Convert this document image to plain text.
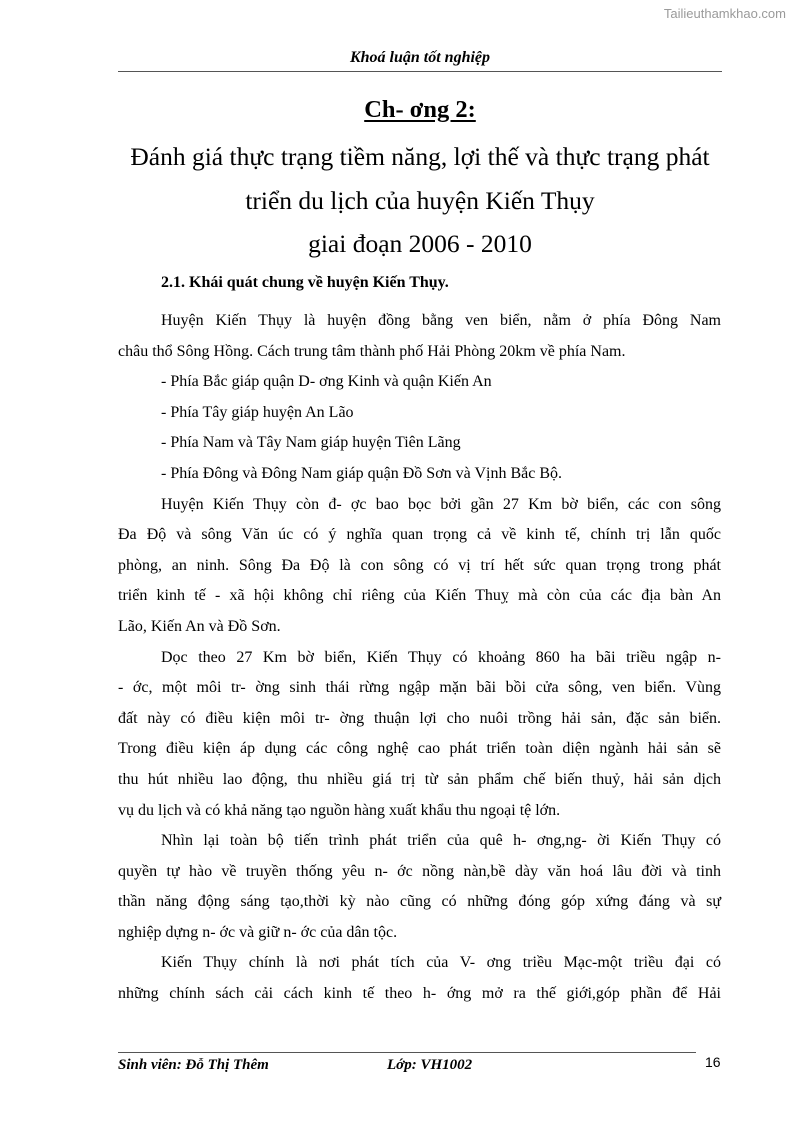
Tailieuthamkhao.com
Khoá luận tốt nghiệp
Ch- ơng 2:
Đánh giá thực trạng tiềm năng, lợi thế và thực trạng phát
triển du lịch của huyện Kiến Thụy
giai đoạn 2006 - 2010
2.1. Khái quát chung về huyện Kiến Thụy.
Huyện Kiến Thụy là huyện đồng bằng ven biển, nằm ở phía Đông Nam
châu thổ Sông Hồng. Cách trung tâm thành phố Hải Phòng 20km về phía Nam.
- Phía Bắc giáp quận D- ơng Kinh và quận Kiến An
- Phía Tây giáp huyện An Lão
- Phía Nam và Tây Nam giáp huyện Tiên Lãng
- Phía Đông và Đông Nam giáp quận Đồ Sơn và Vịnh Bắc Bộ.
Huyện Kiến Thụy còn đ- ợc bao bọc bởi gần 27 Km bờ biển, các con sông
Đa Độ và sông Văn úc có ý nghĩa quan trọng cả về kinh tế, chính trị lẫn quốc
phòng, an ninh. Sông Đa Độ là con sông có vị trí hết sức quan trọng trong phát
triển kinh tế - xã hội không chỉ riêng của Kiến Thuỵ mà còn của các địa bàn An
Lão, Kiến An và Đồ Sơn.
Dọc theo 27 Km bờ biển, Kiến Thụy có khoảng 860 ha bãi triều ngập n-
- ớc, một môi tr- ờng sinh thái rừng ngập mặn bãi bồi cửa sông, ven biển. Vùng
đất này có điều kiện môi tr- ờng thuận lợi cho nuôi trồng hải sản, đặc sản biển.
Trong điều kiện áp dụng các công nghệ cao phát triển toàn diện ngành hải sản sẽ
thu hút nhiều lao động, thu nhiều giá trị từ sản phẩm chế biến thuỷ, hải sản dịch
vụ du lịch và có khả năng tạo nguồn hàng xuất khẩu thu ngoại tệ lớn.
Nhìn lại toàn bộ tiến trình phát triển của quê h- ơng,ng- ời Kiến Thụy có
quyền tự hào về truyền thống yêu n- ớc nồng nàn,bề dày văn hoá lâu đời và tinh
thần năng động sáng tạo,thời kỳ nào cũng có những đóng góp xứng đáng và sự
nghiệp dựng n- ớc và giữ n- ớc của dân tộc.
Kiến Thụy chính là nơi phát tích của V- ơng triều Mạc-một triều đại có
những chính sách cải cách kinh tế theo h- ớng mở ra thế giới,góp phần để Hải
Sinh viên: Đỗ Thị Thêm	Lớp: VH1002	16
